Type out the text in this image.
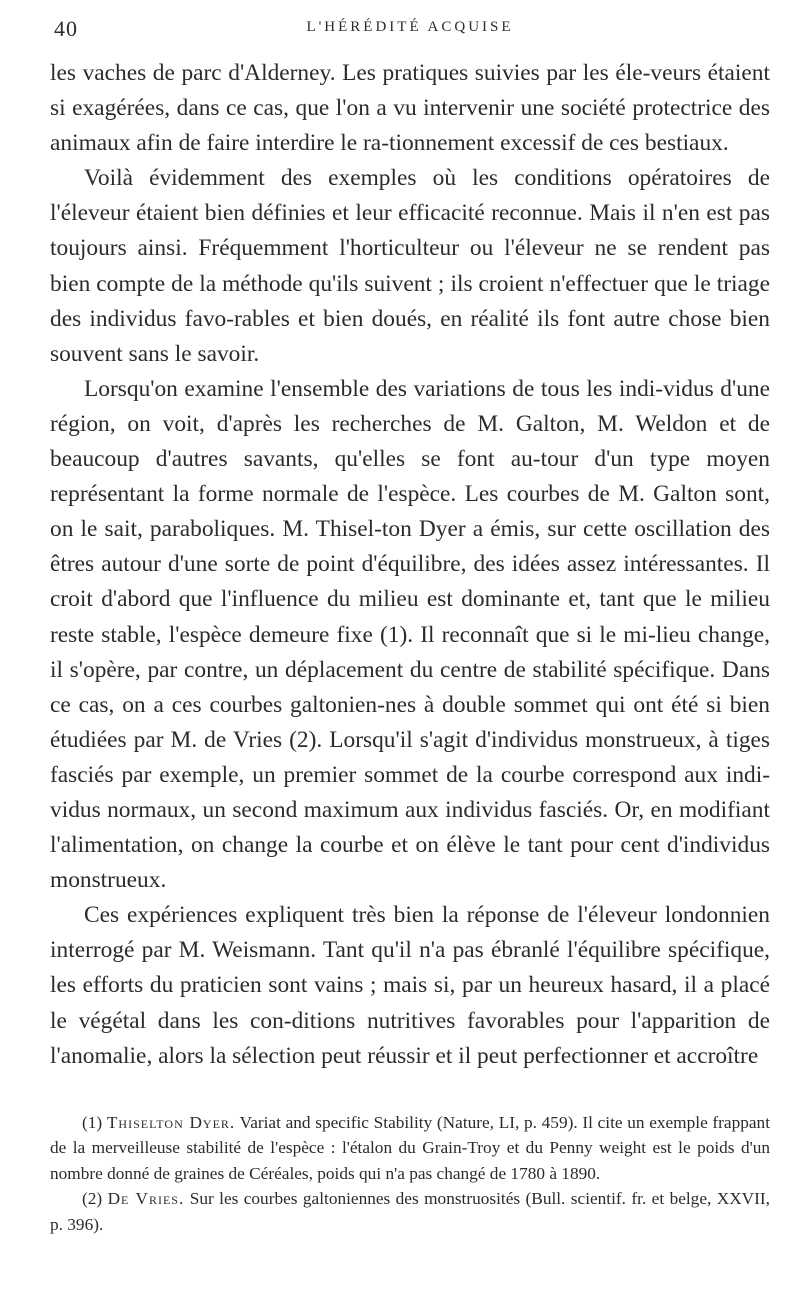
40	L'HÉRÉDITÉ ACQUISE

les vaches de parc d'Alderney. Les pratiques suivies par les éle-veurs étaient si exagérées, dans ce cas, que l'on a vu intervenir une société protectrice des animaux afin de faire interdire le ra-tionnement excessif de ces bestiaux.

Voilà évidemment des exemples où les conditions opératoires de l'éleveur étaient bien définies et leur efficacité reconnue. Mais il n'en est pas toujours ainsi. Fréquemment l'horticulteur ou l'éleveur ne se rendent pas bien compte de la méthode qu'ils suivent ; ils croient n'effectuer que le triage des individus favo-rables et bien doués, en réalité ils font autre chose bien souvent sans le savoir.

Lorsqu'on examine l'ensemble des variations de tous les indi-vidus d'une région, on voit, d'après les recherches de M. Galton, M. Weldon et de beaucoup d'autres savants, qu'elles se font au-tour d'un type moyen représentant la forme normale de l'espèce. Les courbes de M. Galton sont, on le sait, paraboliques. M. Thisel-ton Dyer a émis, sur cette oscillation des êtres autour d'une sorte de point d'équilibre, des idées assez intéressantes. Il croit d'abord que l'influence du milieu est dominante et, tant que le milieu reste stable, l'espèce demeure fixe (1). Il reconnaît que si le mi-lieu change, il s'opère, par contre, un déplacement du centre de stabilité spécifique. Dans ce cas, on a ces courbes galtonien-nes à double sommet qui ont été si bien étudiées par M. de Vries (2). Lorsqu'il s'agit d'individus monstrueux, à tiges fasciés par exemple, un premier sommet de la courbe correspond aux indi-vidus normaux, un second maximum aux individus fasciés. Or, en modifiant l'alimentation, on change la courbe et on élève le tant pour cent d'individus monstrueux.

Ces expériences expliquent très bien la réponse de l'éleveur londonnien interrogé par M. Weismann. Tant qu'il n'a pas ébranlé l'équilibre spécifique, les efforts du praticien sont vains ; mais si, par un heureux hasard, il a placé le végétal dans les con-ditions nutritives favorables pour l'apparition de l'anomalie, alors la sélection peut réussir et il peut perfectionner et accroître

(1) Thiselton Dyer. Variat and specific Stability (Nature, LI, p. 459). Il cite un exemple frappant de la merveilleuse stabilité de l'espèce : l'étalon du Grain-Troy et du Penny weight est le poids d'un nombre donné de graines de Céréales, poids qui n'a pas changé de 1780 à 1890.

(2) De Vries. Sur les courbes galtoniennes des monstruosités (Bull. scientif. fr. et belge, XXVII, p. 396).
